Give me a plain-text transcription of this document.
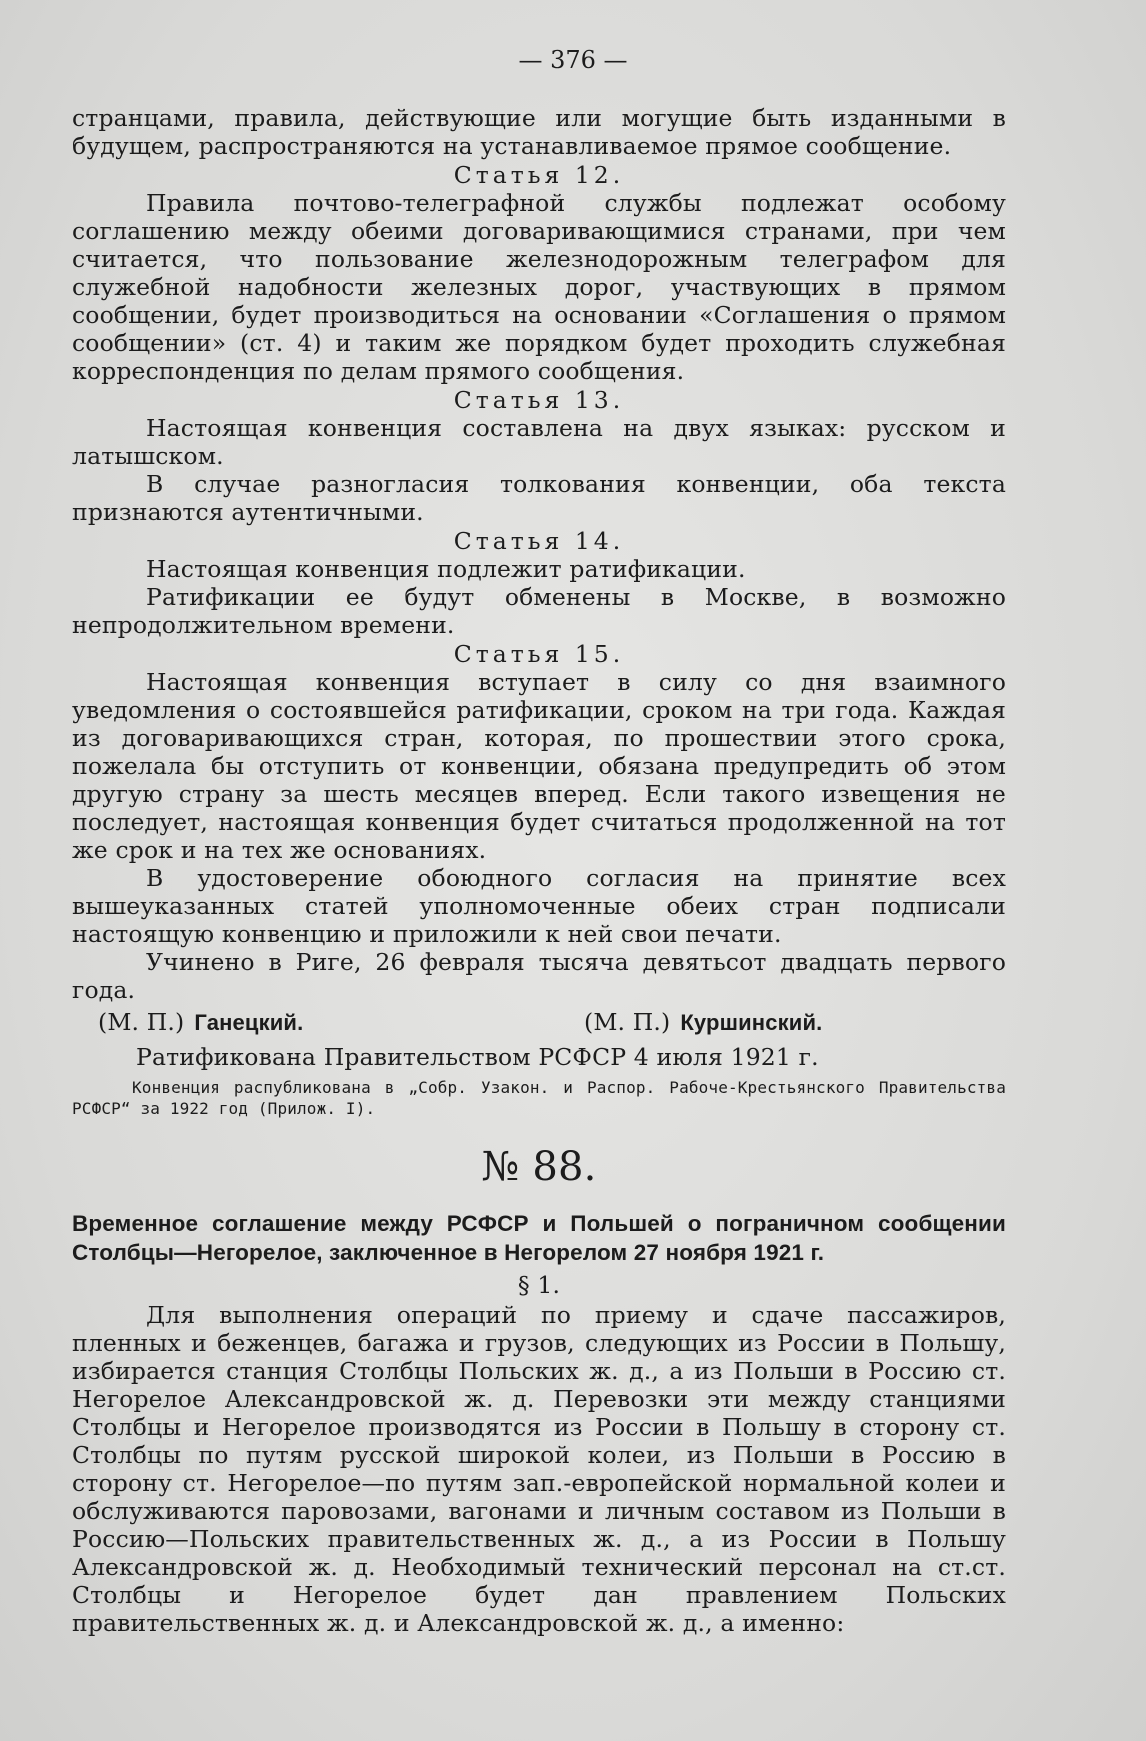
— 376 —

странцами, правила, действующие или могущие быть изданными в будущем, распространяются на устанавливаемое прямое сообщение.

Статья 12.

Правила почтово-телеграфной службы подлежат особому соглашению между обеими договаривающимися странами, при чем считается, что пользование железнодорожным телеграфом для служебной надобности железных дорог, участвующих в прямом сообщении, будет производиться на основании «Соглашения о прямом сообщении» (ст. 4) и таким же порядком будет проходить служебная корреспонденция по делам прямого сообщения.

Статья 13.

Настоящая конвенция составлена на двух языках: русском и латышском.

В случае разногласия толкования конвенции, оба текста признаются аутентичными.

Статья 14.

Настоящая конвенция подлежит ратификации.

Ратификации ее будут обменены в Москве, в возможно непродолжительном времени.

Статья 15.

Настоящая конвенция вступает в силу со дня взаимного уведомления о состоявшейся ратификации, сроком на три года. Каждая из договаривающихся стран, которая, по прошествии этого срока, пожелала бы отступить от конвенции, обязана предупредить об этом другую страну за шесть месяцев вперед. Если такого извещения не последует, настоящая конвенция будет считаться продолженной на тот же срок и на тех же основаниях.

В удостоверение обоюдного согласия на принятие всех вышеуказанных статей уполномоченные обеих стран подписали настоящую конвенцию и приложили к ней свои печати.

Учинено в Риге, 26 февраля тысяча девятьсот двадцать первого года.

(М. П.) Ганецкий.	(М. П.) Куршинский.

Ратификована Правительством РСФСР 4 июля 1921 г.

Конвенция распубликована в „Собр. Узакон. и Распор. Рабоче-Крестьянского Правительства РСФСР“ за 1922 год (Прилож. I).

№ 88.

Временное соглашение между РСФСР и Польшей о пограничном сообщении Столбцы—Негорелое, заключенное в Негорелом 27 ноября 1921 г.

§ 1.

Для выполнения операций по приему и сдаче пассажиров, пленных и беженцев, багажа и грузов, следующих из России в Польшу, избирается станция Столбцы Польских ж. д., а из Польши в Россию ст. Негорелое Александровской ж. д. Перевозки эти между станциями Столбцы и Негорелое производятся из России в Польшу в сторону ст. Столбцы по путям русской широкой колеи, из Польши в Россию в сторону ст. Негорелое—по путям зап.-европейской нормальной колеи и обслуживаются паровозами, вагонами и личным составом из Польши в Россию—Польских правительственных ж. д., а из России в Польшу Александровской ж. д. Необходимый технический персонал на ст.ст. Столбцы и Негорелое будет дан правлением Польских правительственных ж. д. и Александровской ж. д., а именно:
